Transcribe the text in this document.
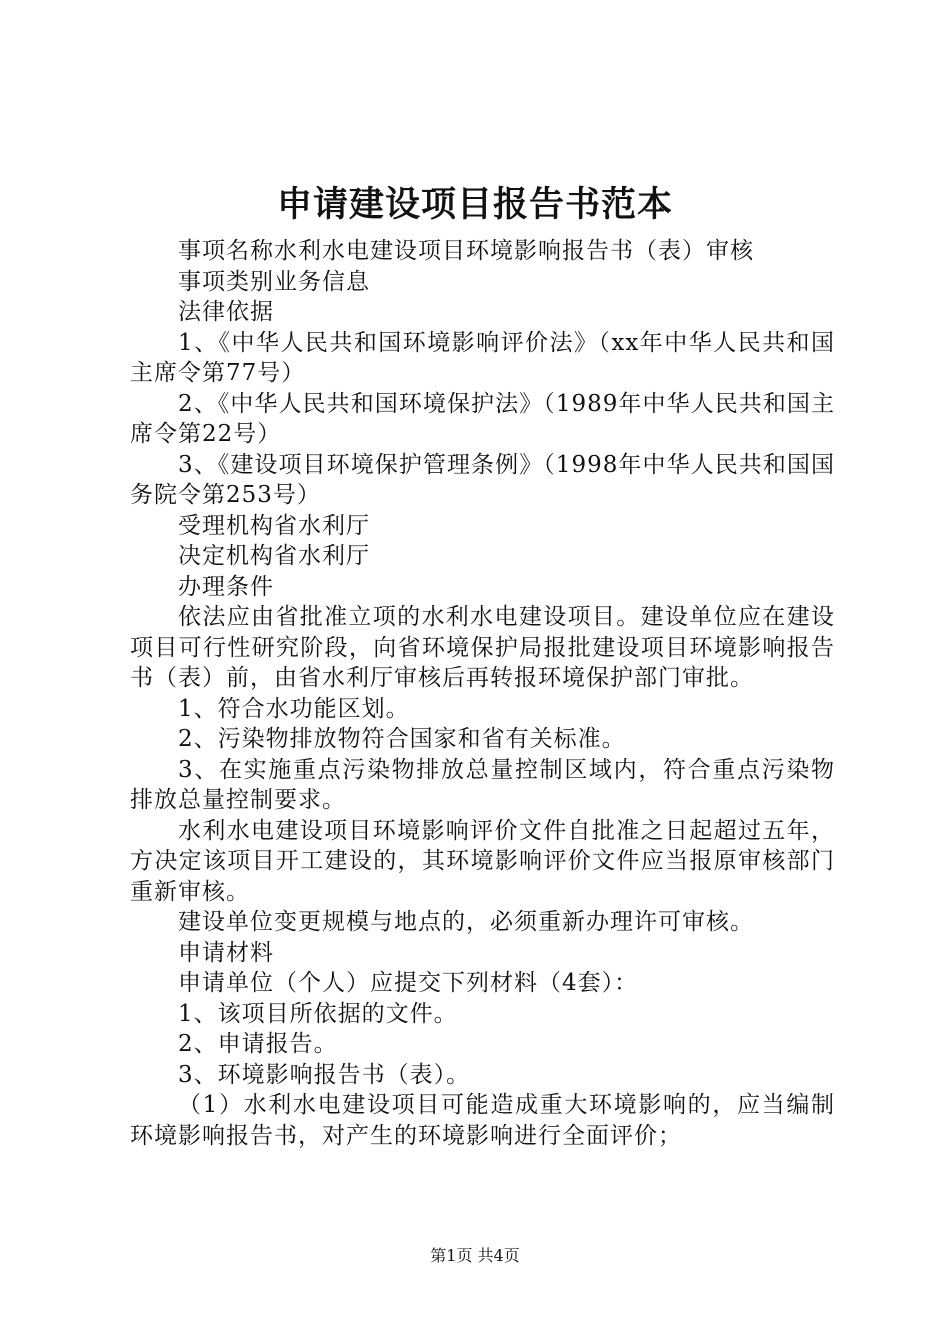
申请建设项目报告书范本

事项名称水利水电建设项目环境影响报告书（表）审核

事项类别业务信息

法律依据

1、《中华人民共和国环境影响评价法》（xx年中华人民共和国主席令第77号）

2、《中华人民共和国环境保护法》（1989年中华人民共和国主席令第22号）

3、《建设项目环境保护管理条例》（1998年中华人民共和国国务院令第253号）

受理机构省水利厅

决定机构省水利厅

办理条件

依法应由省批准立项的水利水电建设项目。建设单位应在建设项目可行性研究阶段，向省环境保护局报批建设项目环境影响报告书（表）前，由省水利厅审核后再转报环境保护部门审批。

1、符合水功能区划。

2、污染物排放物符合国家和省有关标准。

3、在实施重点污染物排放总量控制区域内，符合重点污染物排放总量控制要求。

水利水电建设项目环境影响评价文件自批准之日起超过五年，方决定该项目开工建设的，其环境影响评价文件应当报原审核部门重新审核。

建设单位变更规模与地点的，必须重新办理许可审核。

申请材料

申请单位（个人）应提交下列材料（4套）：

1、该项目所依据的文件。

2、申请报告。

3、环境影响报告书（表）。

（1）水利水电建设项目可能造成重大环境影响的，应当编制环境影响报告书，对产生的环境影响进行全面评价；

第1页 共4页
